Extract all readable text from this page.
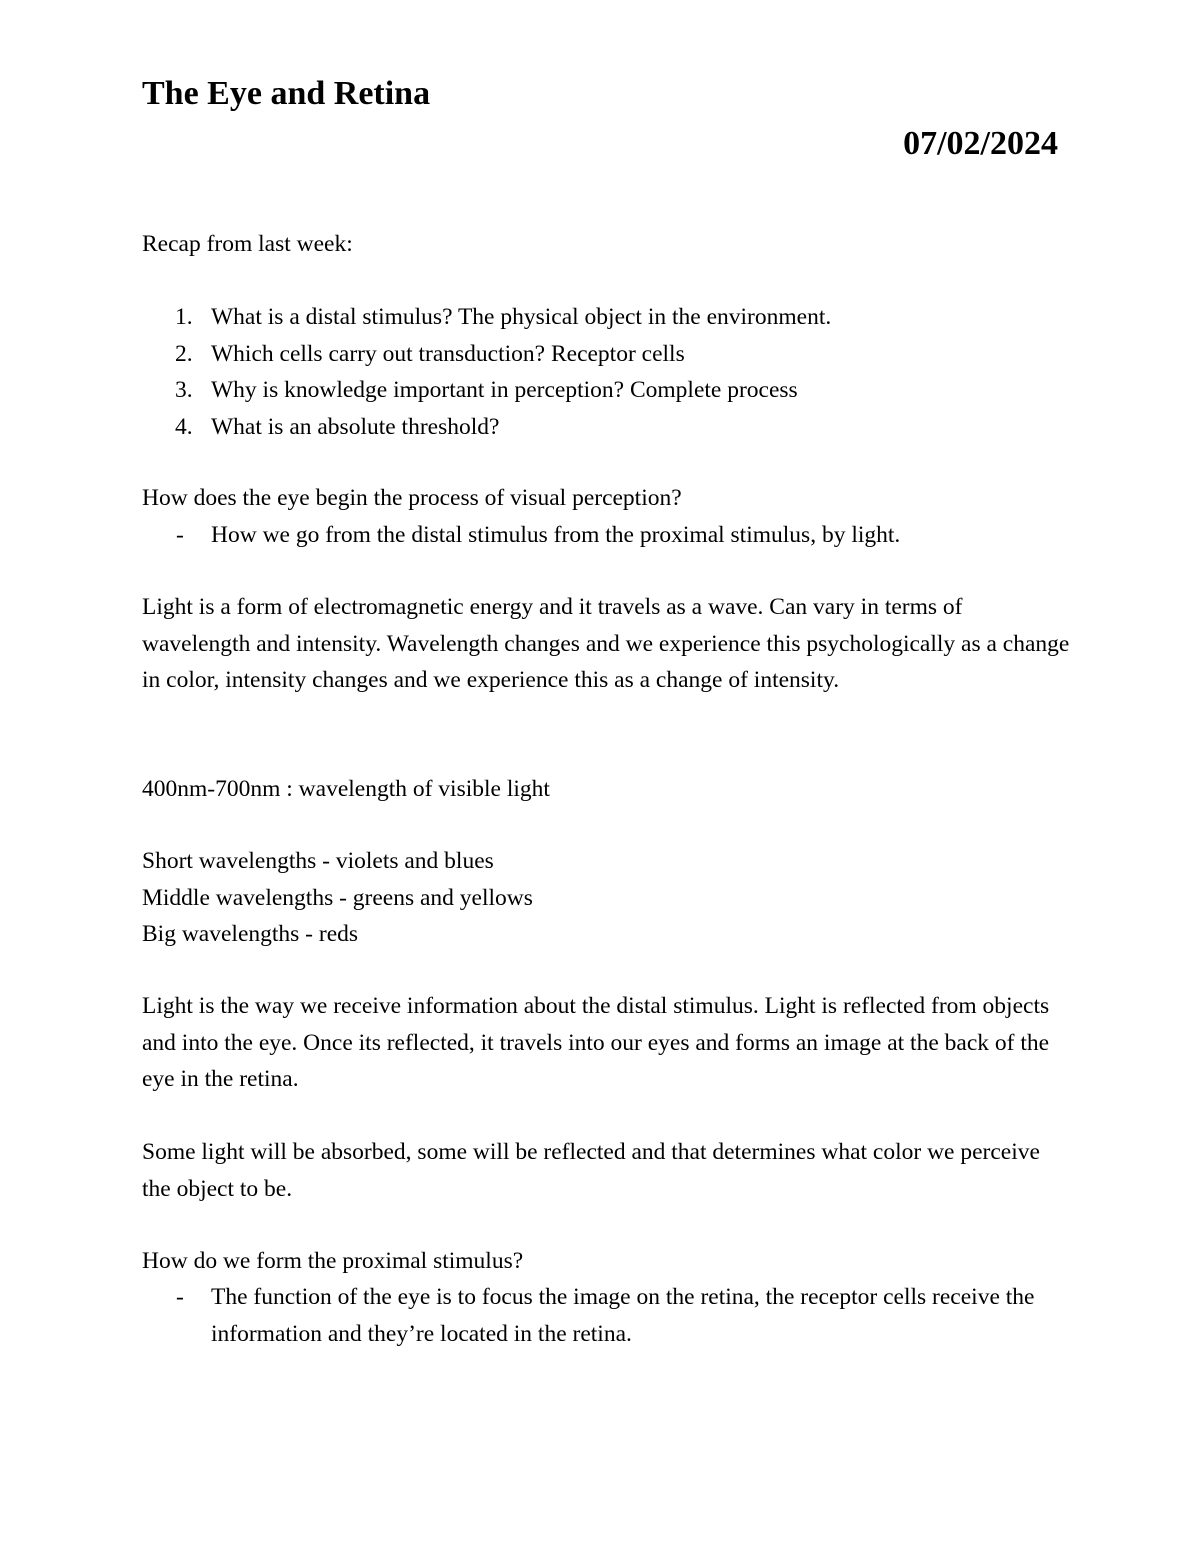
The Eye and Retina
07/02/2024

Recap from last week:

1. What is a distal stimulus? The physical object in the environment.
2. Which cells carry out transduction? Receptor cells
3. Why is knowledge important in perception? Complete process
4. What is an absolute threshold?

How does the eye begin the process of visual perception?

- How we go from the distal stimulus from the proximal stimulus, by light.

Light is a form of electromagnetic energy and it travels as a wave. Can vary in terms of wavelength and intensity. Wavelength changes and we experience this psychologically as a change in color, intensity changes and we experience this as a change of intensity.

400nm-700nm : wavelength of visible light

Short wavelengths - violets and blues

Middle wavelengths - greens and yellows

Big wavelengths - reds

Light is the way we receive information about the distal stimulus. Light is reflected from objects and into the eye. Once its reflected, it travels into our eyes and forms an image at the back of the eye in the retina.

Some light will be absorbed, some will be reflected and that determines what color we perceive the object to be.

How do we form the proximal stimulus?

- The function of the eye is to focus the image on the retina, the receptor cells receive the information and they’re located in the retina.
